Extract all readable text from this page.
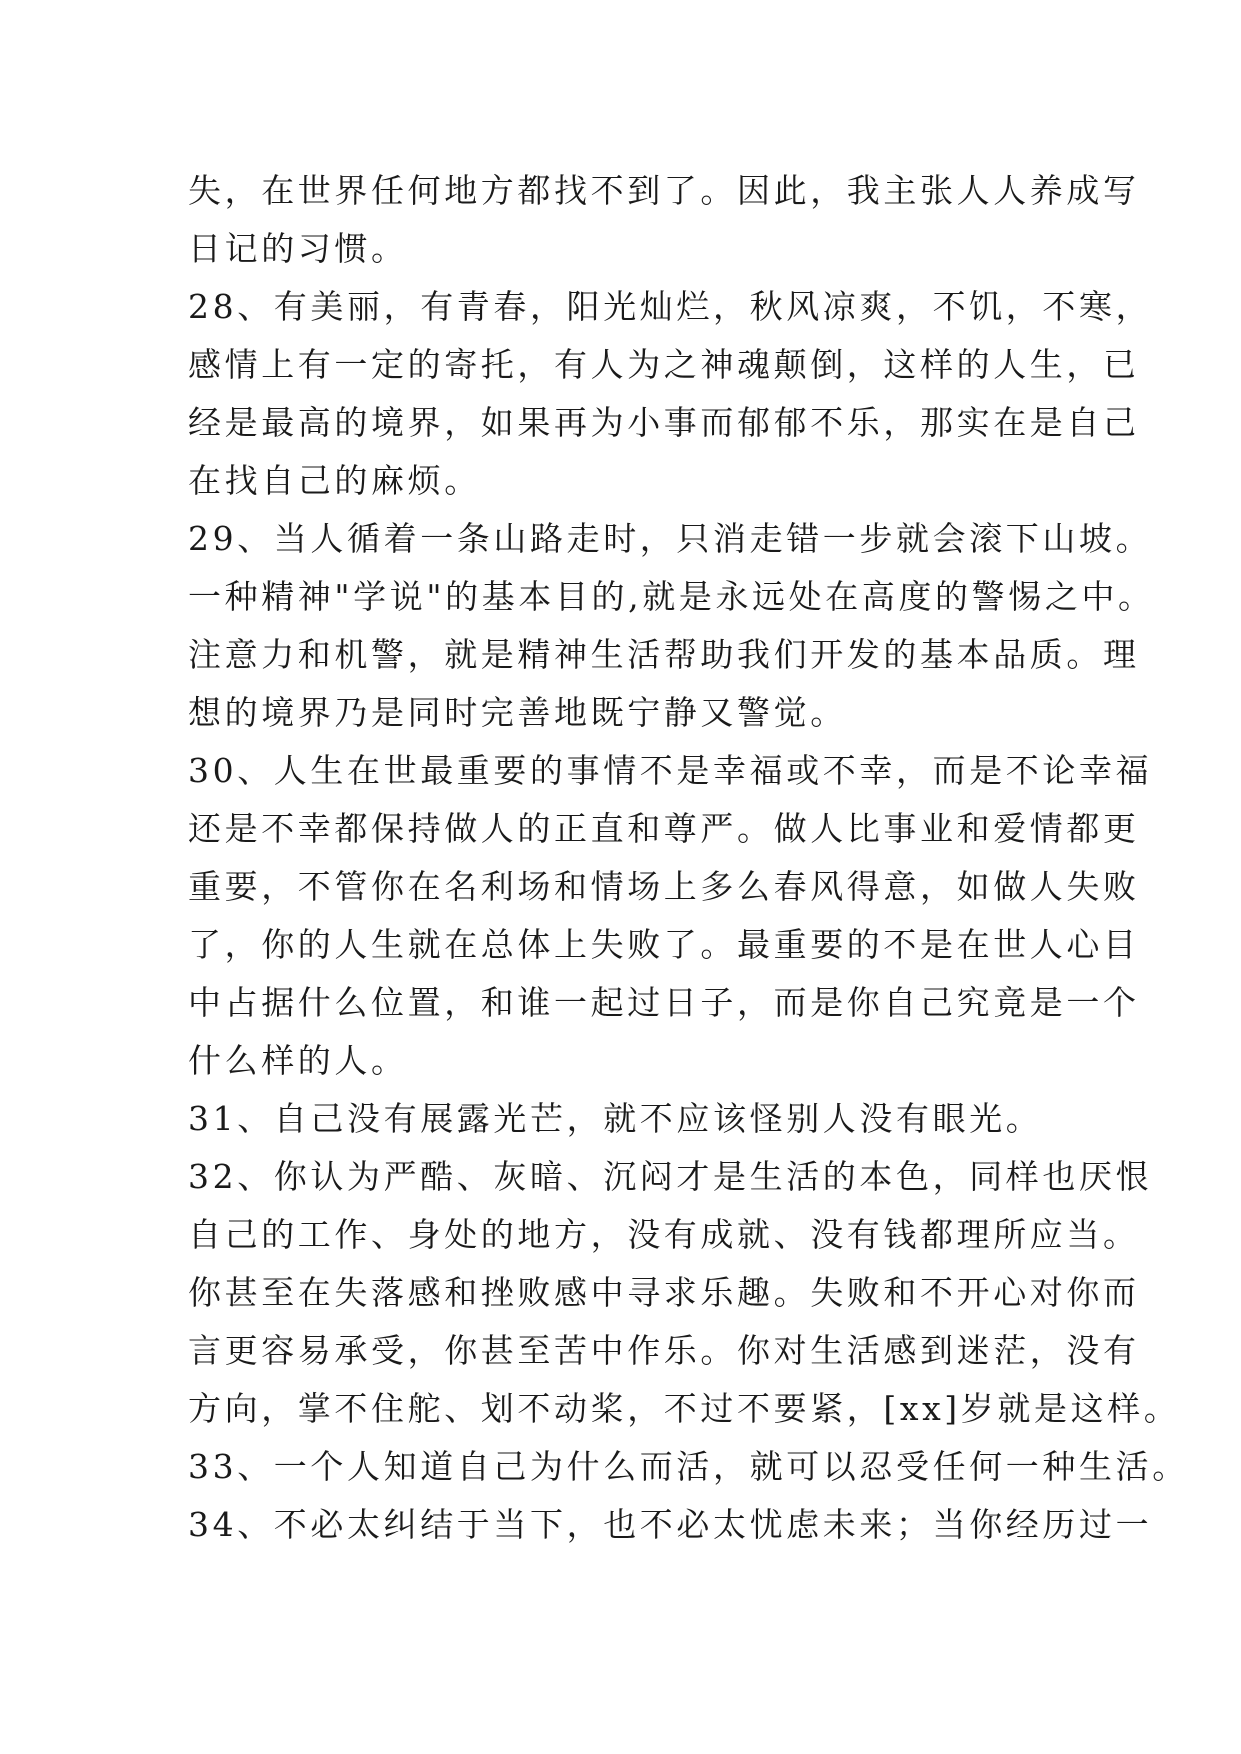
失，在世界任何地方都找不到了。因此，我主张人人养成写
日记的习惯。
28、有美丽，有青春，阳光灿烂，秋风凉爽，不饥，不寒，
感情上有一定的寄托，有人为之神魂颠倒，这样的人生，已
经是最高的境界，如果再为小事而郁郁不乐，那实在是自己
在找自己的麻烦。
29、当人循着一条山路走时，只消走错一步就会滚下山坡。
一种精神"学说"的基本目的,就是永远处在高度的警惕之中。
注意力和机警，就是精神生活帮助我们开发的基本品质。理
想的境界乃是同时完善地既宁静又警觉。
30、人生在世最重要的事情不是幸福或不幸，而是不论幸福
还是不幸都保持做人的正直和尊严。做人比事业和爱情都更
重要，不管你在名利场和情场上多么春风得意，如做人失败
了，你的人生就在总体上失败了。最重要的不是在世人心目
中占据什么位置，和谁一起过日子，而是你自己究竟是一个
什么样的人。
31、自己没有展露光芒，就不应该怪别人没有眼光。
32、你认为严酷、灰暗、沉闷才是生活的本色，同样也厌恨
自己的工作、身处的地方，没有成就、没有钱都理所应当。
你甚至在失落感和挫败感中寻求乐趣。失败和不开心对你而
言更容易承受，你甚至苦中作乐。你对生活感到迷茫，没有
方向，掌不住舵、划不动桨，不过不要紧，[xx]岁就是这样。
33、一个人知道自己为什么而活，就可以忍受任何一种生活。
34、不必太纠结于当下，也不必太忧虑未来；当你经历过一
